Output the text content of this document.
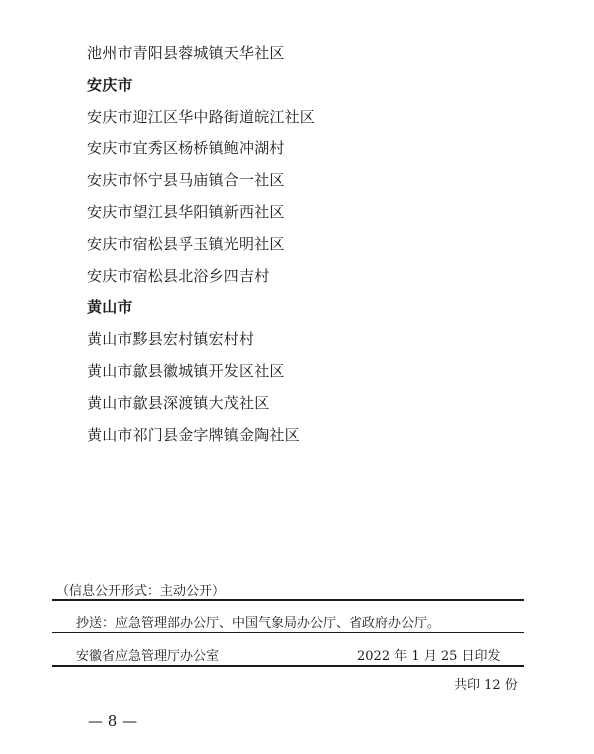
池州市青阳县蓉城镇天华社区
安庆市
安庆市迎江区华中路街道皖江社区
安庆市宜秀区杨桥镇鲍冲湖村
安庆市怀宁县马庙镇合一社区
安庆市望江县华阳镇新西社区
安庆市宿松县孚玉镇光明社区
安庆市宿松县北浴乡四吉村
黄山市
黄山市黟县宏村镇宏村村
黄山市歙县徽城镇开发区社区
黄山市歙县深渡镇大茂社区
黄山市祁门县金字牌镇金陶社区
（信息公开形式：主动公开）
抄送：应急管理部办公厅、中国气象局办公厅、省政府办公厅。
安徽省应急管理厅办公室	2022 年 1 月 25 日印发
共印 12 份
— 8 —
